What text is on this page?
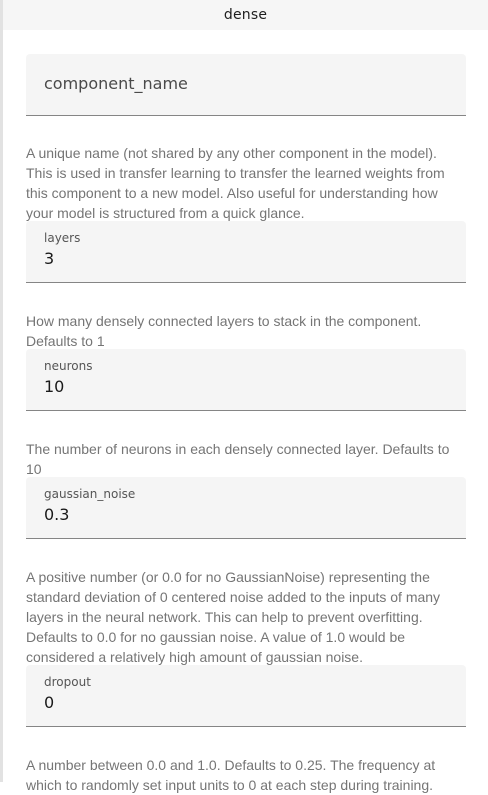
dense
component_name

A unique name (not shared by any other component in the model). This is used in transfer learning to transfer the learned weights from this component to a new model. Also useful for understanding how your model is structured from a quick glance.

layers
3

How many densely connected layers to stack in the component. Defaults to 1

neurons
10

The number of neurons in each densely connected layer. Defaults to 10

gaussian_noise
0.3

A positive number (or 0.0 for no GaussianNoise) representing the standard deviation of 0 centered noise added to the inputs of many layers in the neural network. This can help to prevent overfitting. Defaults to 0.0 for no gaussian noise. A value of 1.0 would be considered a relatively high amount of gaussian noise.

dropout
0

A number between 0.0 and 1.0. Defaults to 0.25. The frequency at which to randomly set input units to 0 at each step during training.
